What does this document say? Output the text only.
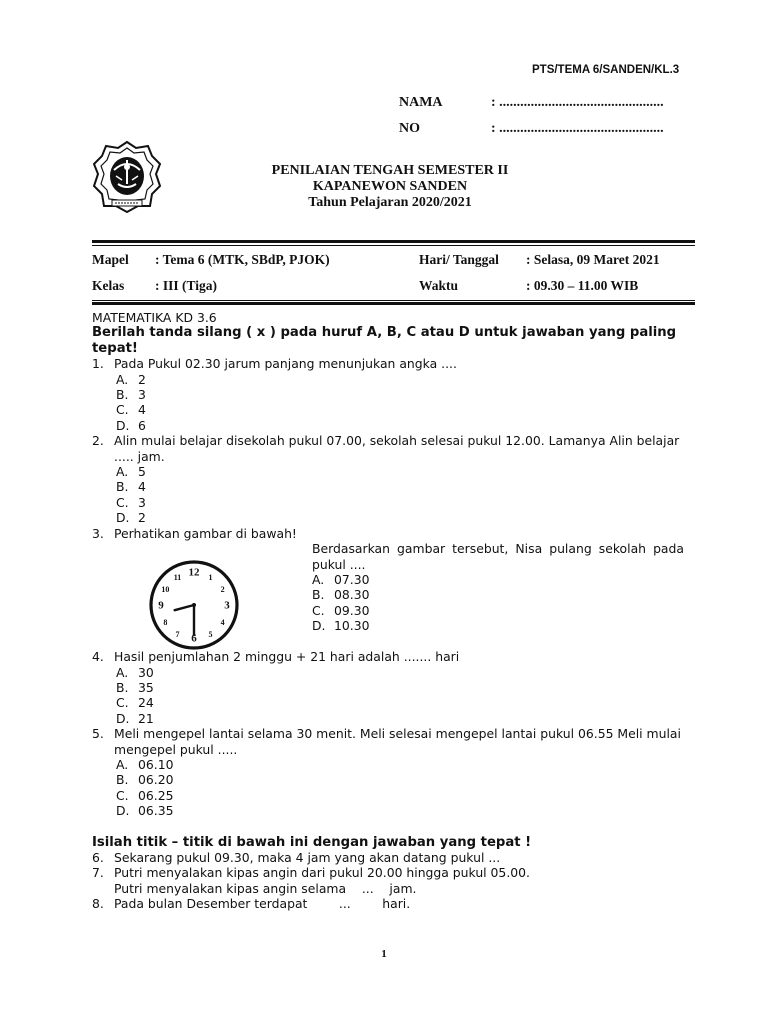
PTS/TEMA 6/SANDEN/KL.3
NAMA	: ...............................................
NO	: ...............................................
PENILAIAN TENGAH SEMESTER II
KAPANEWON SANDEN
Tahun Pelajaran 2020/2021
Mapel : Tema 6 (MTK, SBdP, PJOK)	Hari/ Tanggal : Selasa, 09 Maret 2021
Kelas : III (Tiga)	Waktu	: 09.30 – 11.00 WIB
MATEMATIKA KD 3.6
Berilah tanda silang ( x ) pada huruf A, B, C atau D untuk jawaban yang paling tepat!
1. Pada Pukul 02.30 jarum panjang menunjukan angka ....
A. 2
B. 3
C. 4
D. 6
2. Alin mulai belajar disekolah pukul 07.00, sekolah selesai pukul 12.00. Lamanya Alin belajar ..... jam.
A. 5
B. 4
C. 3
D. 2
3. Perhatikan gambar di bawah!
12 1
2
3
4
5
6
7
8
9
10
11
Berdasarkan gambar tersebut, Nisa pulang sekolah pada
pukul ....
A. 07.30
B. 08.30
C. 09.30
D. 10.30
4. Hasil penjumlahan 2 minggu + 21 hari adalah ....... hari
A. 30
B. 35
C. 24
D. 21
5. Meli mengepel lantai selama 30 menit. Meli selesai mengepel lantai pukul 06.55 Meli mulai mengepel pukul .....
A. 06.10
B. 06.20
C. 06.25
D. 06.35
Isilah titik – titik di bawah ini dengan jawaban yang tepat !
6. Sekarang pukul 09.30, maka 4 jam yang akan datang pukul ...
7. Putri menyalakan kipas angin dari pukul 20.00 hingga pukul 05.00.
Putri menyalakan kipas angin selama    ...    jam.
8. Pada bulan Desember terdapat        ...        hari.
1
